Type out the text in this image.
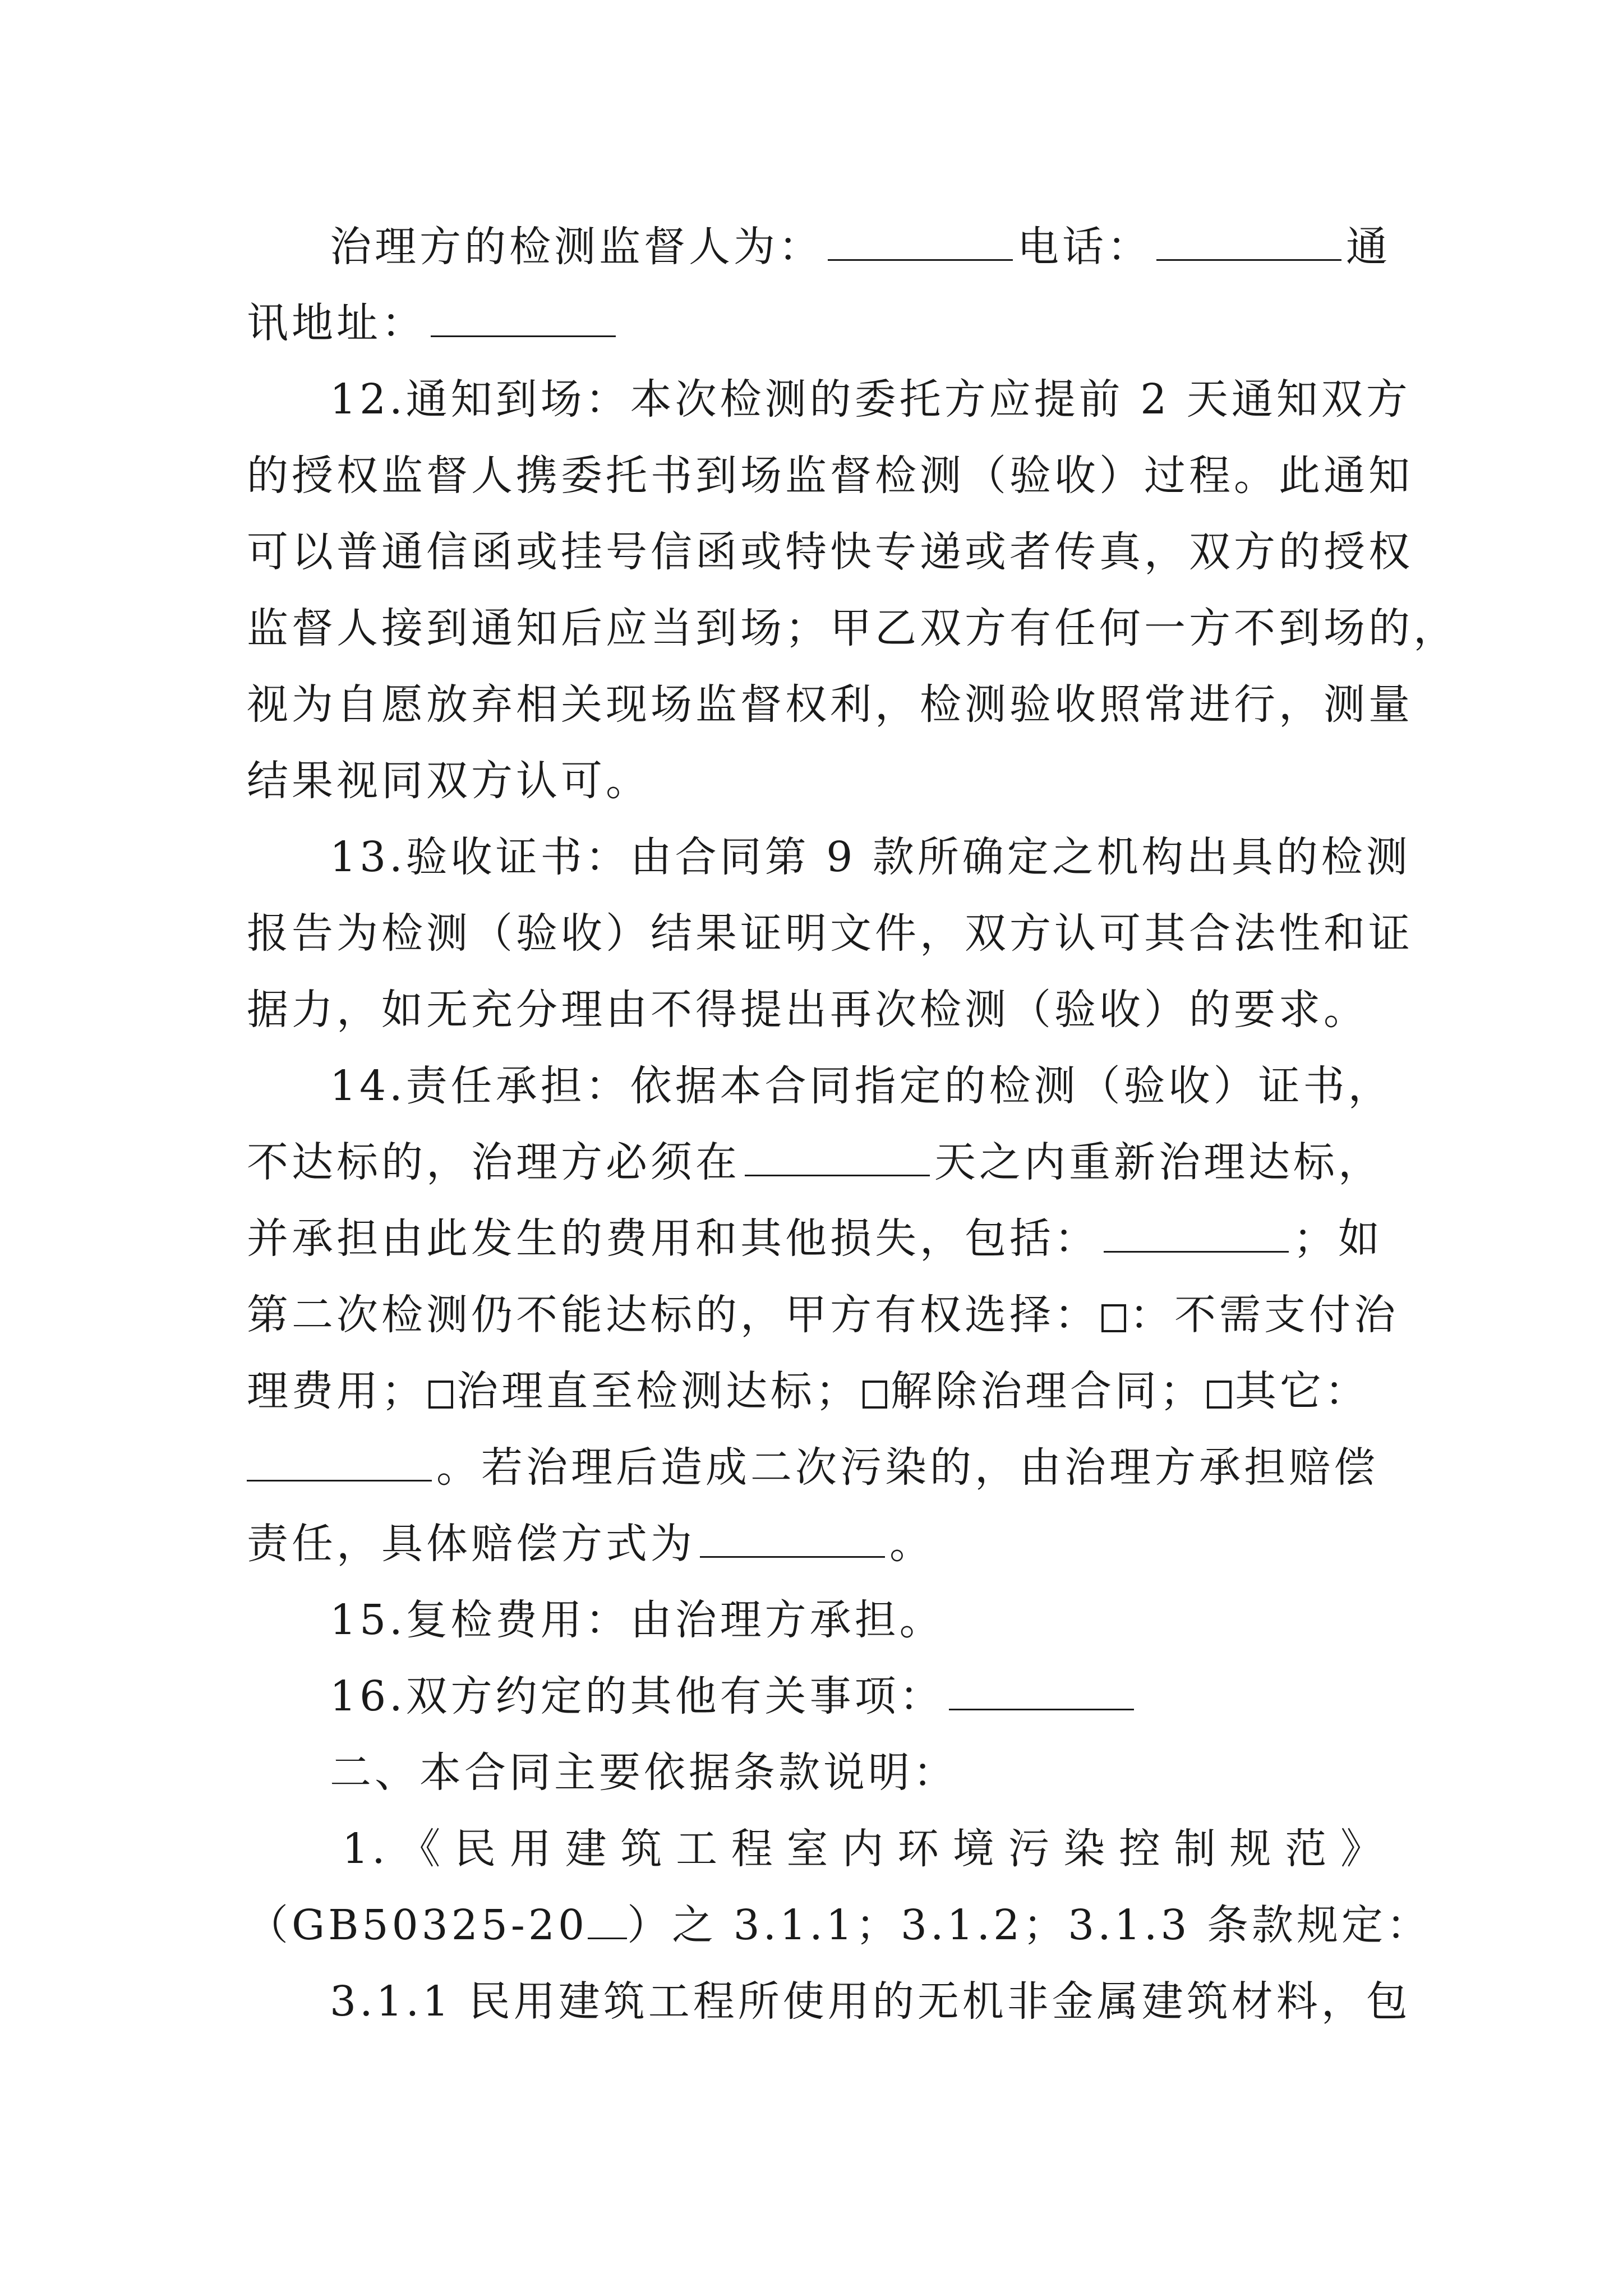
治理方的检测监督人为：	电话：	通
讯地址：
12.通知到场：本次检测的委托方应提前 2 天通知双方
的授权监督人携委托书到场监督检测（验收）过程。此通知
可以普通信函或挂号信函或特快专递或者传真，双方的授权
监督人接到通知后应当到场；甲乙双方有任何一方不到场的，
视为自愿放弃相关现场监督权利，检测验收照常进行，测量
结果视同双方认可。
13.验收证书：由合同第 9 款所确定之机构出具的检测
报告为检测（验收）结果证明文件，双方认可其合法性和证
据力，如无充分理由不得提出再次检测（验收）的要求。
14.责任承担：依据本合同指定的检测（验收）证书，
不达标的，治理方必须在	天之内重新治理达标，
并承担由此发生的费用和其他损失，包括：	；如
第二次检测仍不能达标的，甲方有权选择： ：不需支付治
理费用； 治理直至检测达标； 解除治理合同； 其它：
。若治理后造成二次污染的，由治理方承担赔偿
责任，具体赔偿方式为	。
15.复检费用：由治理方承担。
16.双方约定的其他有关事项：
二、本合同主要依据条款说明：
1.《民用建筑工程室内环境污染控制规范》
（GB50325-20 ）之 3.1.1；3.1.2；3.1.3 条款规定：
3.1.1 民用建筑工程所使用的无机非金属建筑材料，包
